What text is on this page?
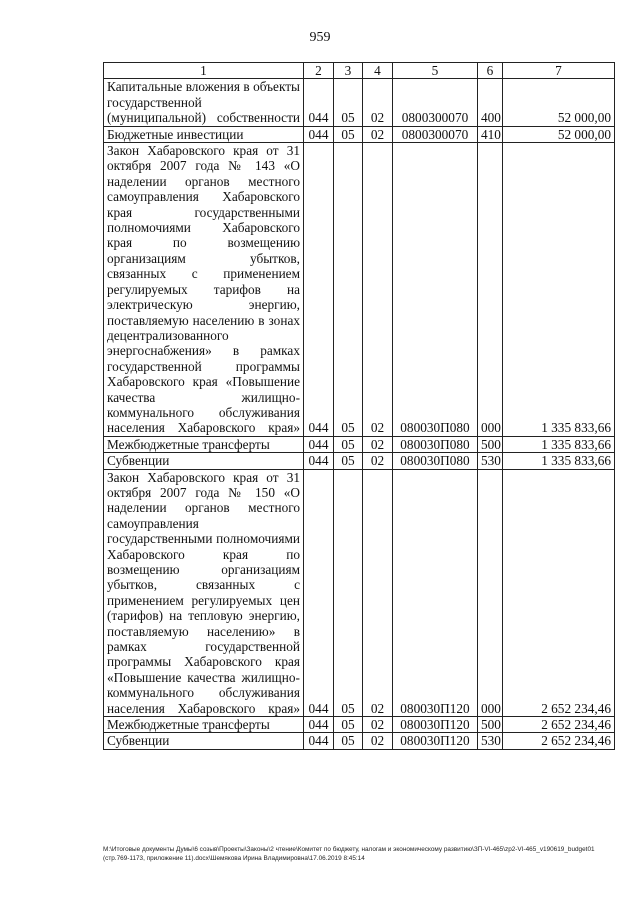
959
1	2	3	4	5	6	7
Капитальные вложения в объекты государственной (муниципальной) собственности	044	05	02	0800300070	400	52 000,00
Бюджетные инвестиции	044	05	02	0800300070	410	52 000,00
Закон Хабаровского края от 31 октября 2007 года № 143 «О наделении органов местного самоуправления Хабаровского края государственными полномочиями Хабаровского края по возмещению организациям убытков, связанных с применением регулируемых тарифов на электрическую энергию, поставляемую населению в зонах децентрализованного энергоснабжения» в рамках государственной программы Хабаровского края «Повышение качества жилищно-коммунального обслуживания населения Хабаровского края»	044	05	02	080030П080	000	1 335 833,66
Межбюджетные трансферты	044	05	02	080030П080	500	1 335 833,66
Субвенции	044	05	02	080030П080	530	1 335 833,66
Закон Хабаровского края от 31 октября 2007 года № 150 «О наделении органов местного самоуправления государственными полномочиями Хабаровского края по возмещению организациям убытков, связанных с применением регулируемых цен (тарифов) на тепловую энергию, поставляемую населению» в рамках государственной программы Хабаровского края «Повышение качества жилищно-коммунального обслуживания населения Хабаровского края»	044	05	02	080030П120	000	2 652 234,46
Межбюджетные трансферты	044	05	02	080030П120	500	2 652 234,46
Субвенции	044	05	02	080030П120	530	2 652 234,46
M:\Итоговые документы Думы\6 созыв\Проекты\Законы\2 чтение\Комитет по бюджету, налогам и экономическому развитию\ЗП-VI-465\zp2-VI-465_v190619_budget01 (стр.769-1173, приложение 11).docx\Шемякова Ирина Владимировна\17.06.2019 8:45:14
